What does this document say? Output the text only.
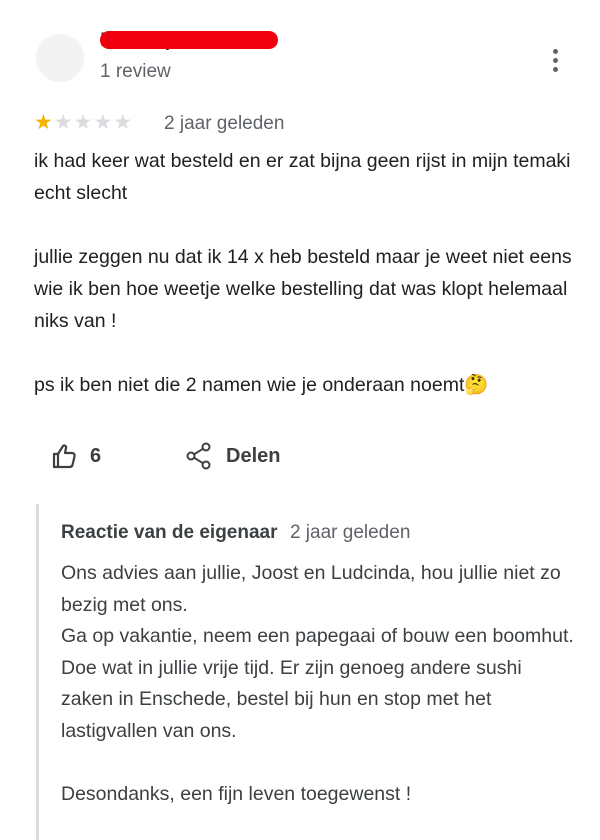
1 review
★ ★ ★ ★ ★ 2 jaar geleden

ik had keer wat besteld en er zat bijna geen rijst in mijn temaki echt slecht

jullie zeggen nu dat ik 14 x heb besteld maar je weet niet eens wie ik ben hoe weetje welke bestelling dat was klopt helemaal niks van !

ps ik ben niet die 2 namen wie je onderaan noemt🤔

6	Delen
Reactie van de eigenaar 2 jaar geleden

Ons advies aan jullie, Joost en Ludcinda, hou jullie niet zo bezig met ons.

Ga op vakantie, neem een papegaai of bouw een boomhut. Doe wat in jullie vrije tijd. Er zijn genoeg andere sushi zaken in Enschede, bestel bij hun en stop met het lastigvallen van ons.

Desondanks, een fijn leven toegewenst !
